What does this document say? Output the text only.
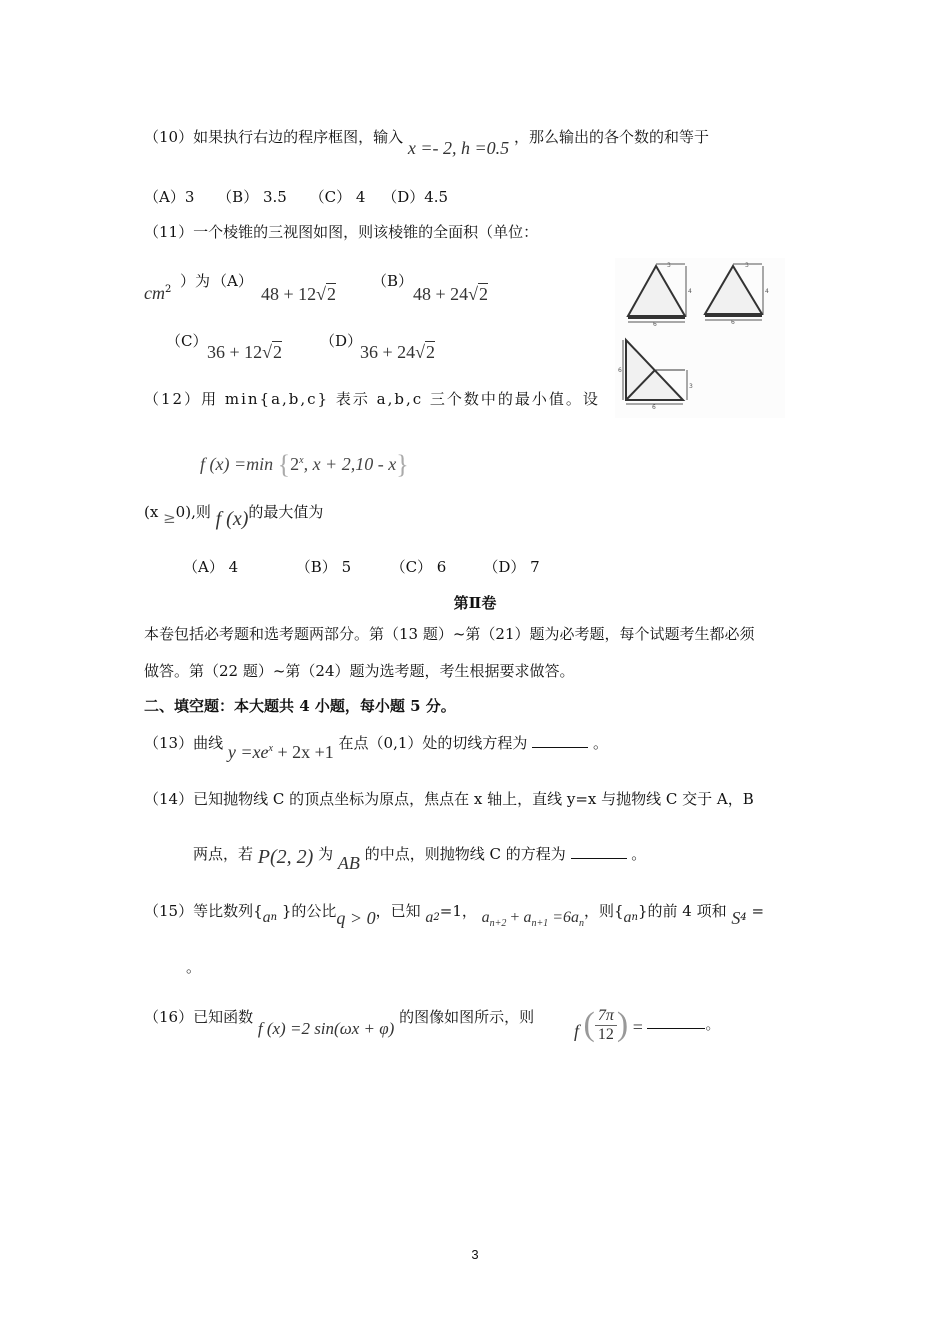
（10）如果执行右边的程序框图，输入 x =- 2, h =0.5 ，那么输出的各个数的和等于
（A）3 （B） 3.5 （C） 4 （D）4.5
（11）一个棱锥的三视图如图，则该棱锥的全面积（单位：
$cm^2$ ）为 （A）
48 + 12√2
（B）
48 + 24√2
（C）
36 + 12√2
（D）
36 + 24√2
3
4
6
3
4
6
6
3
6
（12）用 min{a,b,c} 表示 a,b,c 三个数中的最小值。设
f (x) =min {2$^x$, x + 2,10 - x}
(x ≥0),则 f (x)的最大值为
（A） 4	（B） 5	（C） 6 （D） 7
第Ⅱ卷
本卷包括必考题和选考题两部分。第（13 题）~第（21）题为必考题，每个试题考生都必须
做答。第（22 题）~第（24）题为选考题，考生根据要求做答。
二、填空题：本大题共 4 小题，每小题 5 分。
（13）曲线 $y =xe^x + 2x +1$ 在点（0,1）处的切线方程为	。
（14）已知抛物线 C 的顶点坐标为原点，焦点在 x 轴上，直线 y=x 与抛物线 C 交于 A，B
两点，若 P(2, 2) 为 AB 的中点，则抛物线 C 的方程为	。
（15）等比数列{$a_n$ }的公比q > 0，已知 $a_2=1$， $a_{n+2} + a_{n+1} =6a_n$，则$\{a_n\}$的前 4 项和 $S_4$ =
。
（16）已知函数 f (x) =2 sin(ωx + φ) 的图像如图所示，则
f ( $\frac{7\pi}{12}$ ) =	。
3
